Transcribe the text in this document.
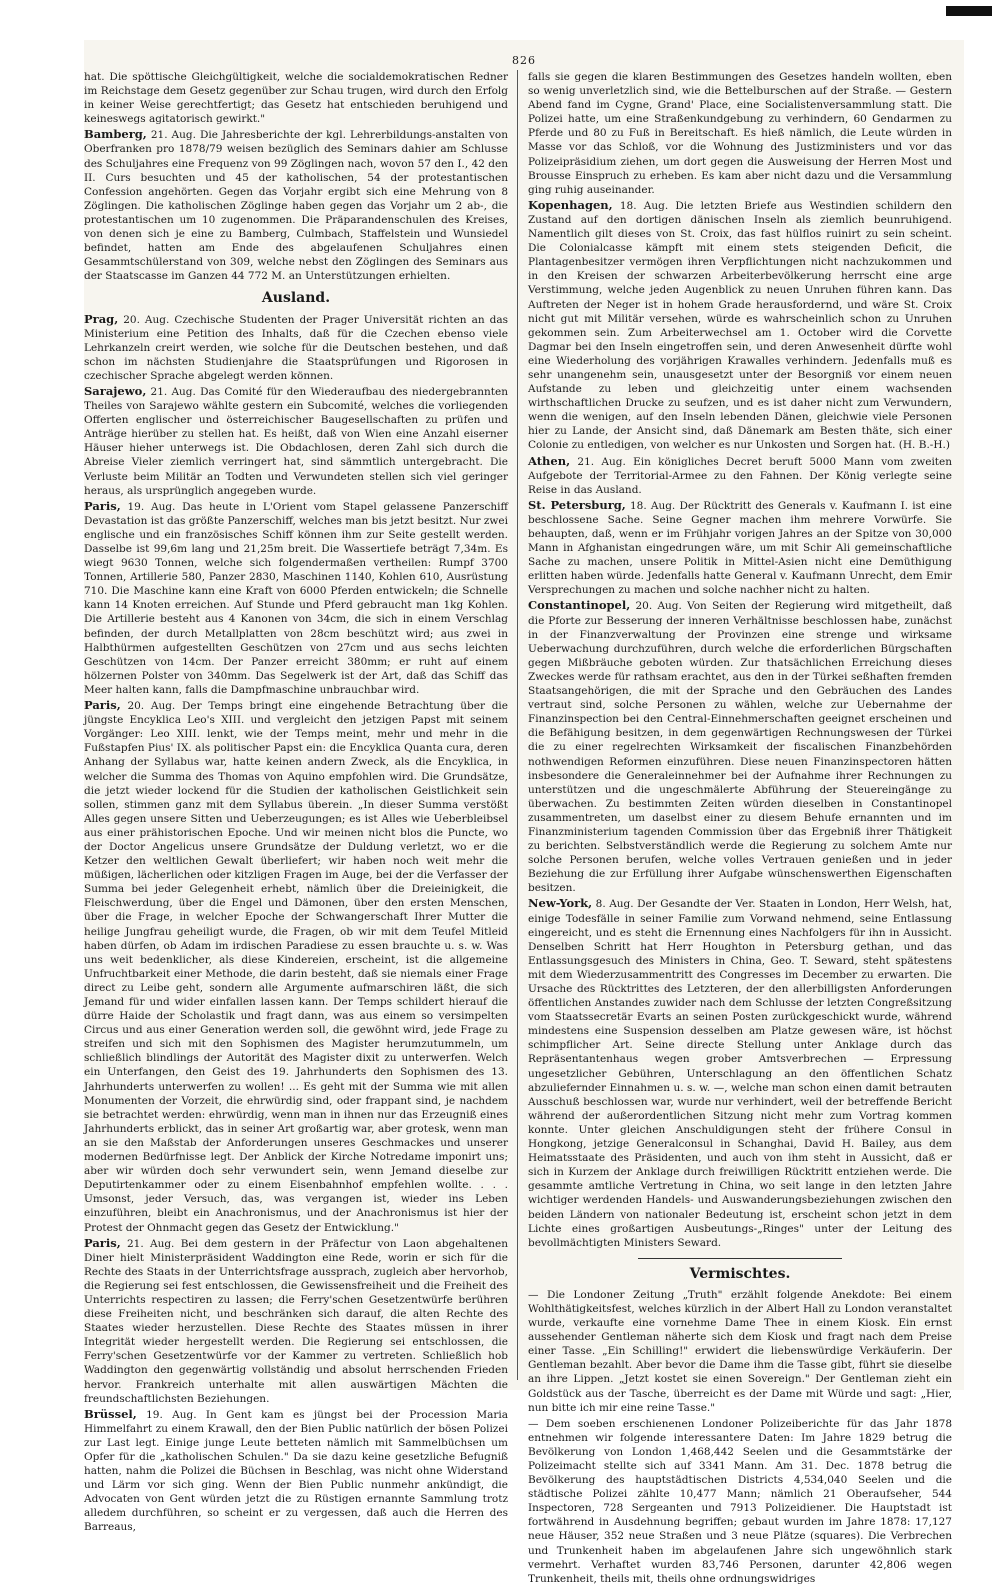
826

hat. Die spöttische Gleichgültigkeit, welche die socialdemokratischen Redner im Reichstage dem Gesetz gegenüber zur Schau trugen, wird durch den Erfolg in keiner Weise gerechtfertigt; das Gesetz hat entschieden beruhigend und keineswegs agitatorisch gewirkt."

Bamberg, 21. Aug. Die Jahresberichte der kgl. Lehrerbildungs-anstalten von Oberfranken pro 1878/79 weisen bezüglich des Seminars dahier am Schlusse des Schuljahres eine Frequenz von 99 Zöglingen nach, wovon 57 den I., 42 den II. Curs besuchten und 45 der katholischen, 54 der protestantischen Confession angehörten. Gegen das Vorjahr ergibt sich eine Mehrung von 8 Zöglingen. Die katholischen Zöglinge haben gegen das Vorjahr um 2 ab-, die protestantischen um 10 zugenommen. Die Präparandenschulen des Kreises, von denen sich je eine zu Bamberg, Culmbach, Staffelstein und Wunsiedel befindet, hatten am Ende des abgelaufenen Schuljahres einen Gesammtschülerstand von 309, welche nebst den Zöglingen des Seminars aus der Staatscasse im Ganzen 44 772 M. an Unterstützungen erhielten.

Ausland.

Prag, 20. Aug. Czechische Studenten der Prager Universität richten an das Ministerium eine Petition des Inhalts, daß für die Czechen ebenso viele Lehrkanzeln creirt werden, wie solche für die Deutschen bestehen, und daß schon im nächsten Studienjahre die Staatsprüfungen und Rigorosen in czechischer Sprache abgelegt werden können.

Sarajewo, 21. Aug. Das Comité für den Wiederaufbau des niedergebrannten Theiles von Sarajewo wählte gestern ein Subcomité, welches die vorliegenden Offerten englischer und österreichischer Baugesellschaften zu prüfen und Anträge hierüber zu stellen hat. Es heißt, daß von Wien eine Anzahl eiserner Häuser hieher unterwegs ist. Die Obdachlosen, deren Zahl sich durch die Abreise Vieler ziemlich verringert hat, sind sämmtlich untergebracht. Die Verluste beim Militär an Todten und Verwundeten stellen sich viel geringer heraus, als ursprünglich angegeben wurde.

Paris, 19. Aug. Das heute in L'Orient vom Stapel gelassene Panzerschiff Devastation ist das größte Panzerschiff, welches man bis jetzt besitzt. Nur zwei englische und ein französisches Schiff können ihm zur Seite gestellt werden. Dasselbe ist 99,6m lang und 21,25m breit. Die Wassertiefe beträgt 7,34m. Es wiegt 9630 Tonnen, welche sich folgendermaßen vertheilen: Rumpf 3700 Tonnen, Artillerie 580, Panzer 2830, Maschinen 1140, Kohlen 610, Ausrüstung 710. Die Maschine kann eine Kraft von 6000 Pferden entwickeln; die Schnelle kann 14 Knoten erreichen. Auf Stunde und Pferd gebraucht man 1kg Kohlen. Die Artillerie besteht aus 4 Kanonen von 34cm, die sich in einem Verschlag befinden, der durch Metallplatten von 28cm beschützt wird; aus zwei in Halbthürmen aufgestellten Geschützen von 27cm und aus sechs leichten Geschützen von 14cm. Der Panzer erreicht 380mm; er ruht auf einem hölzernen Polster von 340mm. Das Segelwerk ist der Art, daß das Schiff das Meer halten kann, falls die Dampfmaschine unbrauchbar wird.

Paris, 20. Aug. Der Temps bringt eine eingehende Betrachtung über die jüngste Encyklica Leo's XIII. und vergleicht den jetzigen Papst mit seinem Vorgänger: Leo XIII. lenkt, wie der Temps meint, mehr und mehr in die Fußstapfen Pius' IX. als politischer Papst ein: die Encyklica Quanta cura, deren Anhang der Syllabus war, hatte keinen andern Zweck, als die Encyklica, in welcher die Summa des Thomas von Aquino empfohlen wird. Die Grundsätze, die jetzt wieder lockend für die Studien der katholischen Geistlichkeit sein sollen, stimmen ganz mit dem Syllabus überein. „In dieser Summa verstößt Alles gegen unsere Sitten und Ueberzeugungen; es ist Alles wie Ueberbleibsel aus einer prähistorischen Epoche. Und wir meinen nicht blos die Puncte, wo der Doctor Angelicus unsere Grundsätze der Duldung verletzt, wo er die Ketzer den weltlichen Gewalt überliefert; wir haben noch weit mehr die müßigen, lächerlichen oder kitzligen Fragen im Auge, bei der die Verfasser der Summa bei jeder Gelegenheit erhebt, nämlich über die Dreieinigkeit, die Fleischwerdung, über die Engel und Dämonen, über den ersten Menschen, über die Frage, in welcher Epoche der Schwangerschaft Ihrer Mutter die heilige Jungfrau geheiligt wurde, die Fragen, ob wir mit dem Teufel Mitleid haben dürfen, ob Adam im irdischen Paradiese zu essen brauchte u. s. w. Was uns weit bedenklicher, als diese Kindereien, erscheint, ist die allgemeine Unfruchtbarkeit einer Methode, die darin besteht, daß sie niemals einer Frage direct zu Leibe geht, sondern alle Argumente aufmarschiren läßt, die sich Jemand für und wider einfallen lassen kann. Der Temps schildert hierauf die dürre Haide der Scholastik und fragt dann, was aus einem so versimpelten Circus und aus einer Generation werden soll, die gewöhnt wird, jede Frage zu streifen und sich mit den Sophismen des Magister herumzutummeln, um schließlich blindlings der Autorität des Magister dixit zu unterwerfen. Welch ein Unterfangen, den Geist des 19. Jahrhunderts den Sophismen des 13. Jahrhunderts unterwerfen zu wollen! ... Es geht mit der Summa wie mit allen Monumenten der Vorzeit, die ehrwürdig sind, oder frappant sind, je nachdem sie betrachtet werden: ehrwürdig, wenn man in ihnen nur das Erzeugniß eines Jahrhunderts erblickt, das in seiner Art großartig war, aber grotesk, wenn man an sie den Maßstab der Anforderungen unseres Geschmackes und unserer modernen Bedürfnisse legt. Der Anblick der Kirche Notredame imponirt uns; aber wir würden doch sehr verwundert sein, wenn Jemand dieselbe zur Deputirtenkammer oder zu einem Eisenbahnhof empfehlen wollte. . . . Umsonst, jeder Versuch, das, was vergangen ist, wieder ins Leben einzuführen, bleibt ein Anachronismus, und der Anachronismus ist hier der Protest der Ohnmacht gegen das Gesetz der Entwicklung."

Paris, 21. Aug. Bei dem gestern in der Präfectur von Laon abgehaltenen Diner hielt Ministerpräsident Waddington eine Rede, worin er sich für die Rechte des Staats in der Unterrichtsfrage aussprach, zugleich aber hervorhob, die Regierung sei fest entschlossen, die Gewissensfreiheit und die Freiheit des Unterrichts respectiren zu lassen; die Ferry'schen Gesetzentwürfe berühren diese Freiheiten nicht, und beschränken sich darauf, die alten Rechte des Staates wieder herzustellen. Diese Rechte des Staates müssen in ihrer Integrität wieder hergestellt werden. Die Regierung sei entschlossen, die Ferry'schen Gesetzentwürfe vor der Kammer zu vertreten. Schließlich hob Waddington den gegenwärtig vollständig und absolut herrschenden Frieden hervor. Frankreich unterhalte mit allen auswärtigen Mächten die freundschaftlichsten Beziehungen.

Brüssel, 19. Aug. In Gent kam es jüngst bei der Procession Maria Himmelfahrt zu einem Krawall, den der Bien Public natürlich der bösen Polizei zur Last legt. Einige junge Leute betteten nämlich mit Sammelbüchsen um Opfer für die „katholischen Schulen." Da sie dazu keine gesetzliche Befugniß hatten, nahm die Polizei die Büchsen in Beschlag, was nicht ohne Widerstand und Lärm vor sich ging. Wenn der Bien Public nunmehr ankündigt, die Advocaten von Gent würden jetzt die zu Rüstigen ernannte Sammlung trotz alledem durchführen, so scheint er zu vergessen, daß auch die Herren des Barreaus,

falls sie gegen die klaren Bestimmungen des Gesetzes handeln wollten, eben so wenig unverletzlich sind, wie die Bettelburschen auf der Straße. — Gestern Abend fand im Cygne, Grand' Place, eine Socialistenversammlung statt. Die Polizei hatte, um eine Straßenkundgebung zu verhindern, 60 Gendarmen zu Pferde und 80 zu Fuß in Bereitschaft. Es hieß nämlich, die Leute würden in Masse vor das Schloß, vor die Wohnung des Justizministers und vor das Polizeipräsidium ziehen, um dort gegen die Ausweisung der Herren Most und Brousse Einspruch zu erheben. Es kam aber nicht dazu und die Versammlung ging ruhig auseinander.

Kopenhagen, 18. Aug. Die letzten Briefe aus Westindien schildern den Zustand auf den dortigen dänischen Inseln als ziemlich beunruhigend. Namentlich gilt dieses von St. Croix, das fast hülflos ruinirt zu sein scheint. Die Colonialcasse kämpft mit einem stets steigenden Deficit, die Plantagenbesitzer vermögen ihren Verpflichtungen nicht nachzukommen und in den Kreisen der schwarzen Arbeiterbevölkerung herrscht eine arge Verstimmung, welche jeden Augenblick zu neuen Unruhen führen kann. Das Auftreten der Neger ist in hohem Grade herausfordernd, und wäre St. Croix nicht gut mit Militär versehen, würde es wahrscheinlich schon zu Unruhen gekommen sein. Zum Arbeiterwechsel am 1. October wird die Corvette Dagmar bei den Inseln eingetroffen sein, und deren Anwesenheit dürfte wohl eine Wiederholung des vorjährigen Krawalles verhindern. Jedenfalls muß es sehr unangenehm sein, unausgesetzt unter der Besorgniß vor einem neuen Aufstande zu leben und gleichzeitig unter einem wachsenden wirthschaftlichen Drucke zu seufzen, und es ist daher nicht zum Verwundern, wenn die wenigen, auf den Inseln lebenden Dänen, gleichwie viele Personen hier zu Lande, der Ansicht sind, daß Dänemark am Besten thäte, sich einer Colonie zu entledigen, von welcher es nur Unkosten und Sorgen hat. (H. B.-H.)

Athen, 21. Aug. Ein königliches Decret beruft 5000 Mann vom zweiten Aufgebote der Territorial-Armee zu den Fahnen. Der König verlegte seine Reise in das Ausland.

St. Petersburg, 18. Aug. Der Rücktritt des Generals v. Kaufmann I. ist eine beschlossene Sache. Seine Gegner machen ihm mehrere Vorwürfe. Sie behaupten, daß, wenn er im Frühjahr vorigen Jahres an der Spitze von 30,000 Mann in Afghanistan eingedrungen wäre, um mit Schir Ali gemeinschaftliche Sache zu machen, unsere Politik in Mittel-Asien nicht eine Demüthigung erlitten haben würde. Jedenfalls hatte General v. Kaufmann Unrecht, dem Emir Versprechungen zu machen und solche nachher nicht zu halten.

Constantinopel, 20. Aug. Von Seiten der Regierung wird mitgetheilt, daß die Pforte zur Besserung der inneren Verhältnisse beschlossen habe, zunächst in der Finanzverwaltung der Provinzen eine strenge und wirksame Ueberwachung durchzuführen, durch welche die erforderlichen Bürgschaften gegen Mißbräuche geboten würden. Zur thatsächlichen Erreichung dieses Zweckes werde für rathsam erachtet, aus den in der Türkei seßhaften fremden Staatsangehörigen, die mit der Sprache und den Gebräuchen des Landes vertraut sind, solche Personen zu wählen, welche zur Uebernahme der Finanzinspection bei den Central-Einnehmerschaften geeignet erscheinen und die Befähigung besitzen, in dem gegenwärtigen Rechnungswesen der Türkei die zu einer regelrechten Wirksamkeit der fiscalischen Finanzbehörden nothwendigen Reformen einzuführen. Diese neuen Finanzinspectoren hätten insbesondere die Generaleinnehmer bei der Aufnahme ihrer Rechnungen zu unterstützen und die ungeschmälerte Abführung der Steuereingänge zu überwachen. Zu bestimmten Zeiten würden dieselben in Constantinopel zusammentreten, um daselbst einer zu diesem Behufe ernannten und im Finanzministerium tagenden Commission über das Ergebniß ihrer Thätigkeit zu berichten. Selbstverständlich werde die Regierung zu solchem Amte nur solche Personen berufen, welche volles Vertrauen genießen und in jeder Beziehung die zur Erfüllung ihrer Aufgabe wünschenswerthen Eigenschaften besitzen.

New-York, 8. Aug. Der Gesandte der Ver. Staaten in London, Herr Welsh, hat, einige Todesfälle in seiner Familie zum Vorwand nehmend, seine Entlassung eingereicht, und es steht die Ernennung eines Nachfolgers für ihn in Aussicht. Denselben Schritt hat Herr Houghton in Petersburg gethan, und das Entlassungsgesuch des Ministers in China, Geo. T. Seward, steht spätestens mit dem Wiederzusammentritt des Congresses im December zu erwarten. Die Ursache des Rücktrittes des Letzteren, der den allerbilligsten Anforderungen öffentlichen Anstandes zuwider nach dem Schlusse der letzten Congreßsitzung vom Staatssecretär Evarts an seinen Posten zurückgeschickt wurde, während mindestens eine Suspension desselben am Platze gewesen wäre, ist höchst schimpflicher Art. Seine directe Stellung unter Anklage durch das Repräsentantenhaus wegen grober Amtsverbrechen — Erpressung ungesetzlicher Gebühren, Unterschlagung an den öffentlichen Schatz abzuliefernder Einnahmen u. s. w. —, welche man schon einen damit betrauten Ausschuß beschlossen war, wurde nur verhindert, weil der betreffende Bericht während der außerordentlichen Sitzung nicht mehr zum Vortrag kommen konnte. Unter gleichen Anschuldigungen steht der frühere Consul in Hongkong, jetzige Generalconsul in Schanghai, David H. Bailey, aus dem Heimatsstaate des Präsidenten, und auch von ihm steht in Aussicht, daß er sich in Kurzem der Anklage durch freiwilligen Rücktritt entziehen werde. Die gesammte amtliche Vertretung in China, wo seit lange in den letzten Jahre wichtiger werdenden Handels- und Auswanderungsbeziehungen zwischen den beiden Ländern von nationaler Bedeutung ist, erscheint schon jetzt in dem Lichte eines großartigen Ausbeutungs-„Ringes" unter der Leitung des bevollmächtigten Ministers Seward.

Vermischtes.

— Die Londoner Zeitung „Truth" erzählt folgende Anekdote: Bei einem Wohlthätigkeitsfest, welches kürzlich in der Albert Hall zu London veranstaltet wurde, verkaufte eine vornehme Dame Thee in einem Kiosk. Ein ernst aussehender Gentleman näherte sich dem Kiosk und fragt nach dem Preise einer Tasse. „Ein Schilling!" erwidert die liebenswürdige Verkäuferin. Der Gentleman bezahlt. Aber bevor die Dame ihm die Tasse gibt, führt sie dieselbe an ihre Lippen. „Jetzt kostet sie einen Sovereign." Der Gentleman zieht ein Goldstück aus der Tasche, überreicht es der Dame mit Würde und sagt: „Hier, nun bitte ich mir eine reine Tasse."

— Dem soeben erschienenen Londoner Polizeiberichte für das Jahr 1878 entnehmen wir folgende interessantere Daten: Im Jahre 1829 betrug die Bevölkerung von London 1,468,442 Seelen und die Gesammtstärke der Polizeimacht stellte sich auf 3341 Mann. Am 31. Dec. 1878 betrug die Bevölkerung des hauptstädtischen Districts 4,534,040 Seelen und die städtische Polizei zählte 10,477 Mann; nämlich 21 Oberaufseher, 544 Inspectoren, 728 Sergeanten und 7913 Polizeidiener. Die Hauptstadt ist fortwährend in Ausdehnung begriffen; gebaut wurden im Jahre 1878: 17,127 neue Häuser, 352 neue Straßen und 3 neue Plätze (squares). Die Verbrechen und Trunkenheit haben im abgelaufenen Jahre sich ungewöhnlich stark vermehrt. Verhaftet wurden 83,746 Personen, darunter 42,806 wegen Trunkenheit, theils mit, theils ohne ordnungswidriges
